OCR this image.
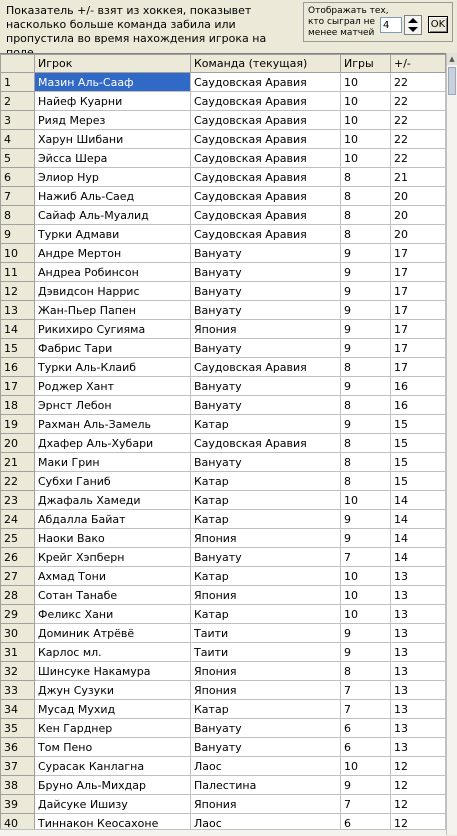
Показатель +/- взят из хоккея, показывет насколько больше команда забила или пропустила во время нахождения игрока на
Отображать тех, кто сыграл не менее матчей
4
OK
	Игрок	Команда (текущая)	Игры	+/-
1	Мазин Аль-Сааф	Саудовская Аравия	10	22
2	Найеф Куарни	Саудовская Аравия	10	22
3	Рияд Мерез	Саудовская Аравия	10	22
4	Харун Шибани	Саудовская Аравия	10	22
5	Эйсса Шера	Саудовская Аравия	10	22
6	Элиор Нур	Саудовская Аравия	8	21
7	Нажиб Аль-Саед	Саудовская Аравия	8	20
8	Сайаф Аль-Муалид	Саудовская Аравия	8	20
9	Турки Адмави	Саудовская Аравия	8	20
10	Андре Мертон	Вануату	9	17
11	Андреа Робинсон	Вануату	9	17
12	Дэвидсон Наррис	Вануату	9	17
13	Жан-Пьер Папен	Вануату	9	17
14	Рикихиро Сугияма	Япония	9	17
15	Фабрис Тари	Вануату	9	17
16	Турки Аль-Клаиб	Саудовская Аравия	8	17
17	Роджер Хант	Вануату	9	16
18	Эрнст Лебон	Вануату	8	16
19	Рахман Аль-Замель	Катар	9	15
20	Дхафер Аль-Хубари	Саудовская Аравия	8	15
21	Маки Грин	Вануату	8	15
22	Субхи Ганиб	Катар	8	15
23	Джафаль Хамеди	Катар	10	14
24	Абдалла Байат	Катар	9	14
25	Наоки Вако	Япония	9	14
26	Крейг Хэпберн	Вануату	7	14
27	Ахмад Тони	Катар	10	13
28	Сотан Танабе	Япония	10	13
29	Феликс Хани	Катар	10	13
30	Доминик Атрёвё	Таити	9	13
31	Карлос мл.	Таити	9	13
32	Шинсуке Накамура	Япония	8	13
33	Джун Сузуки	Япония	7	13
34	Мусад Мухид	Катар	7	13
35	Кен Гарднер	Вануату	6	13
36	Том Пено	Вануату	6	13
37	Сурасак Канлагна	Лаос	10	12
38	Бруно Аль-Михдар	Палестина	9	12
39	Дайсуке Ишизу	Япония	7	12
40	Тиннакон Кеосахоне	Лаос	6	12
▲
